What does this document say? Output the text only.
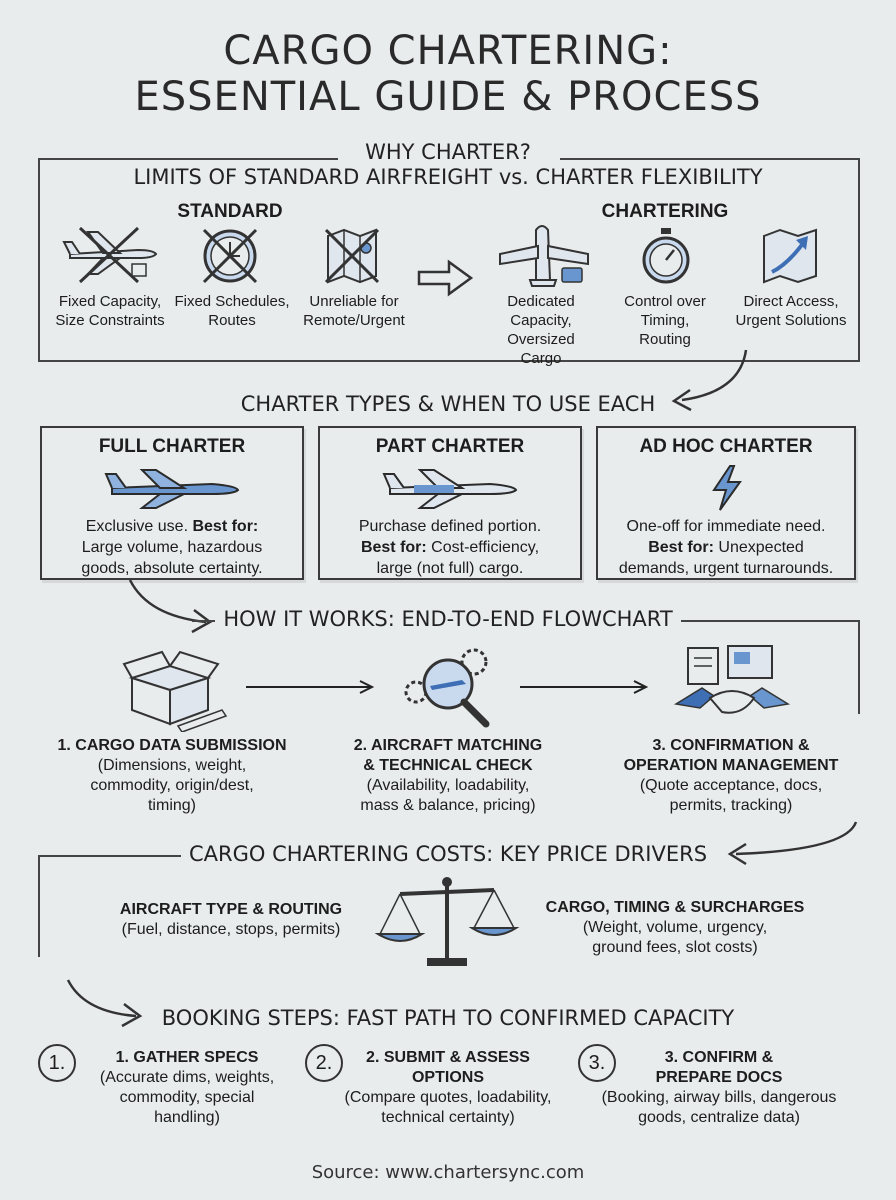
CARGO CHARTERING:
ESSENTIAL GUIDE & PROCESS
WHY CHARTER?
LIMITS OF STANDARD AIRFREIGHT vs. CHARTER FLEXIBILITY
STANDARD	CHARTERING
Fixed Capacity,
Size Constraints
Fixed Schedules,
Routes
Unreliable for
Remote/Urgent
Dedicated
Capacity, Oversized
Cargo
Control over
Timing,
Routing
Direct Access,
Urgent Solutions
CHARTER TYPES & WHEN TO USE EACH
FULL CHARTER
Exclusive use. Best for:
Large volume, hazardous
goods, absolute certainty.
PART CHARTER
Purchase defined portion.
Best for: Cost-efficiency,
large (not full) cargo.
AD HOC CHARTER
One-off for immediate need.
Best for: Unexpected
demands, urgent turnarounds.
HOW IT WORKS: END-TO-END FLOWCHART
1. CARGO DATA SUBMISSION
(Dimensions, weight,
commodity, origin/dest,
timing)
2. AIRCRAFT MATCHING
& TECHNICAL CHECK
(Availability, loadability,
mass & balance, pricing)
3. CONFIRMATION &
OPERATION MANAGEMENT
(Quote acceptance, docs,
permits, tracking)
CARGO CHARTERING COSTS: KEY PRICE DRIVERS
AIRCRAFT TYPE & ROUTING
(Fuel, distance, stops, permits)
CARGO, TIMING & SURCHARGES
(Weight, volume, urgency,
ground fees, slot costs)
BOOKING STEPS: FAST PATH TO CONFIRMED CAPACITY
1.	1. GATHER SPECS
(Accurate dims, weights,
commodity, special
handling)
2.	2. SUBMIT & ASSESS
OPTIONS
(Compare quotes, loadability,
technical certainty)
3.	3. CONFIRM &
PREPARE DOCS
(Booking, airway bills, dangerous
goods, centralize data)
Source: www.chartersync.com
